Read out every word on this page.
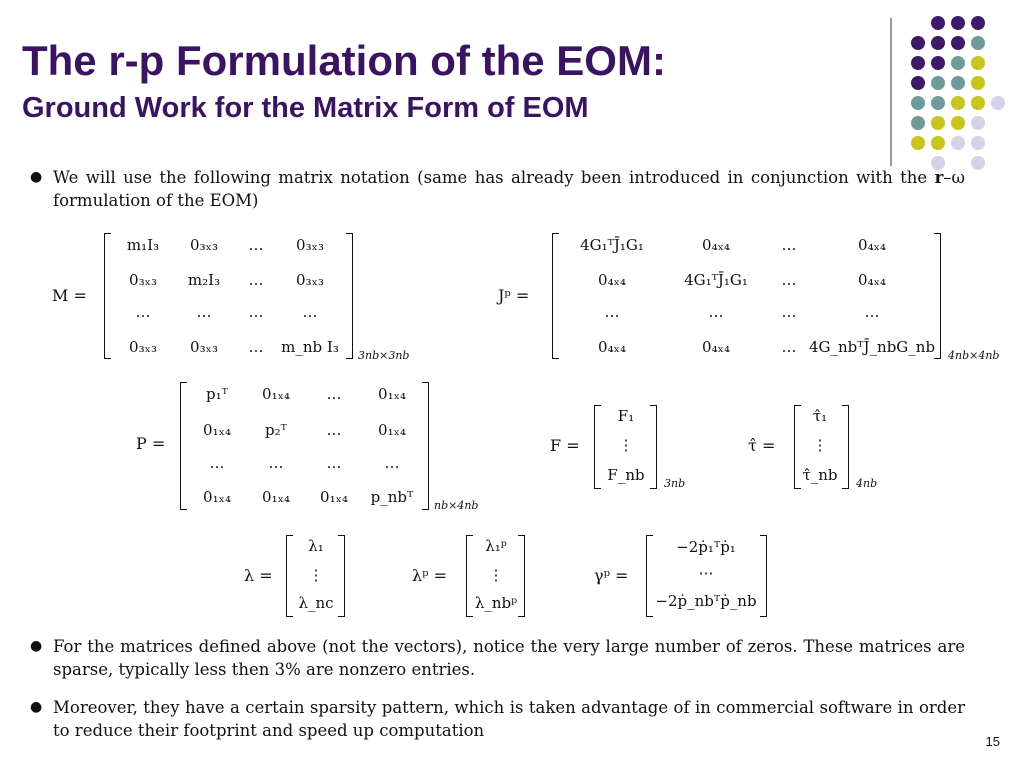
The r-p Formulation of the EOM:
Ground Work for the Matrix Form of EOM
● We will use the following matrix notation (same has already been introduced in conjunction with the r–ω formulation of the EOM)
M =
m₁I₃ 0₃ₓ₃ … 0₃ₓ₃
0₃ₓ₃ m₂I₃ … 0₃ₓ₃
…	… …	…
0₃ₓ₃ 0₃ₓ₃ … m_nb I₃ 3nb×3nb
Jᵖ =
4G₁ᵀJ̄₁G₁	0₄ₓ₄	…	0₄ₓ₄
0₄ₓ₄	4G₁ᵀJ̄₁G₁ …	0₄ₓ₄
…	…	…	…
0₄ₓ₄	0₄ₓ₄	… 4G_nbᵀJ̄_nbG_nb 4nb×4nb
P =
p₁ᵀ 0₁ₓ₄ … 0₁ₓ₄
0₁ₓ₄ p₂ᵀ	… 0₁ₓ₄
…	…	…	…
0₁ₓ₄ 0₁ₓ₄ 0₁ₓ₄ p_nbᵀ nb×4nb
F =
F₁
⋮
F_nb 3nb
τ̂ =
τ̂₁
⋮
τ̂_nb 4nb
λ =
λ₁
⋮
λ_nc
λᵖ =
λ₁ᵖ
⋮
λ_nbᵖ
γᵖ =
−2ṗ₁ᵀṗ₁
⋯
−2ṗ_nbᵀṗ_nb
● For the matrices defined above (not the vectors), notice the very large number of zeros. These matrices are sparse, typically less then 3% are nonzero entries.
● Moreover, they have a certain sparsity pattern, which is taken advantage of in commercial software in order to reduce their footprint and speed up computation
15
